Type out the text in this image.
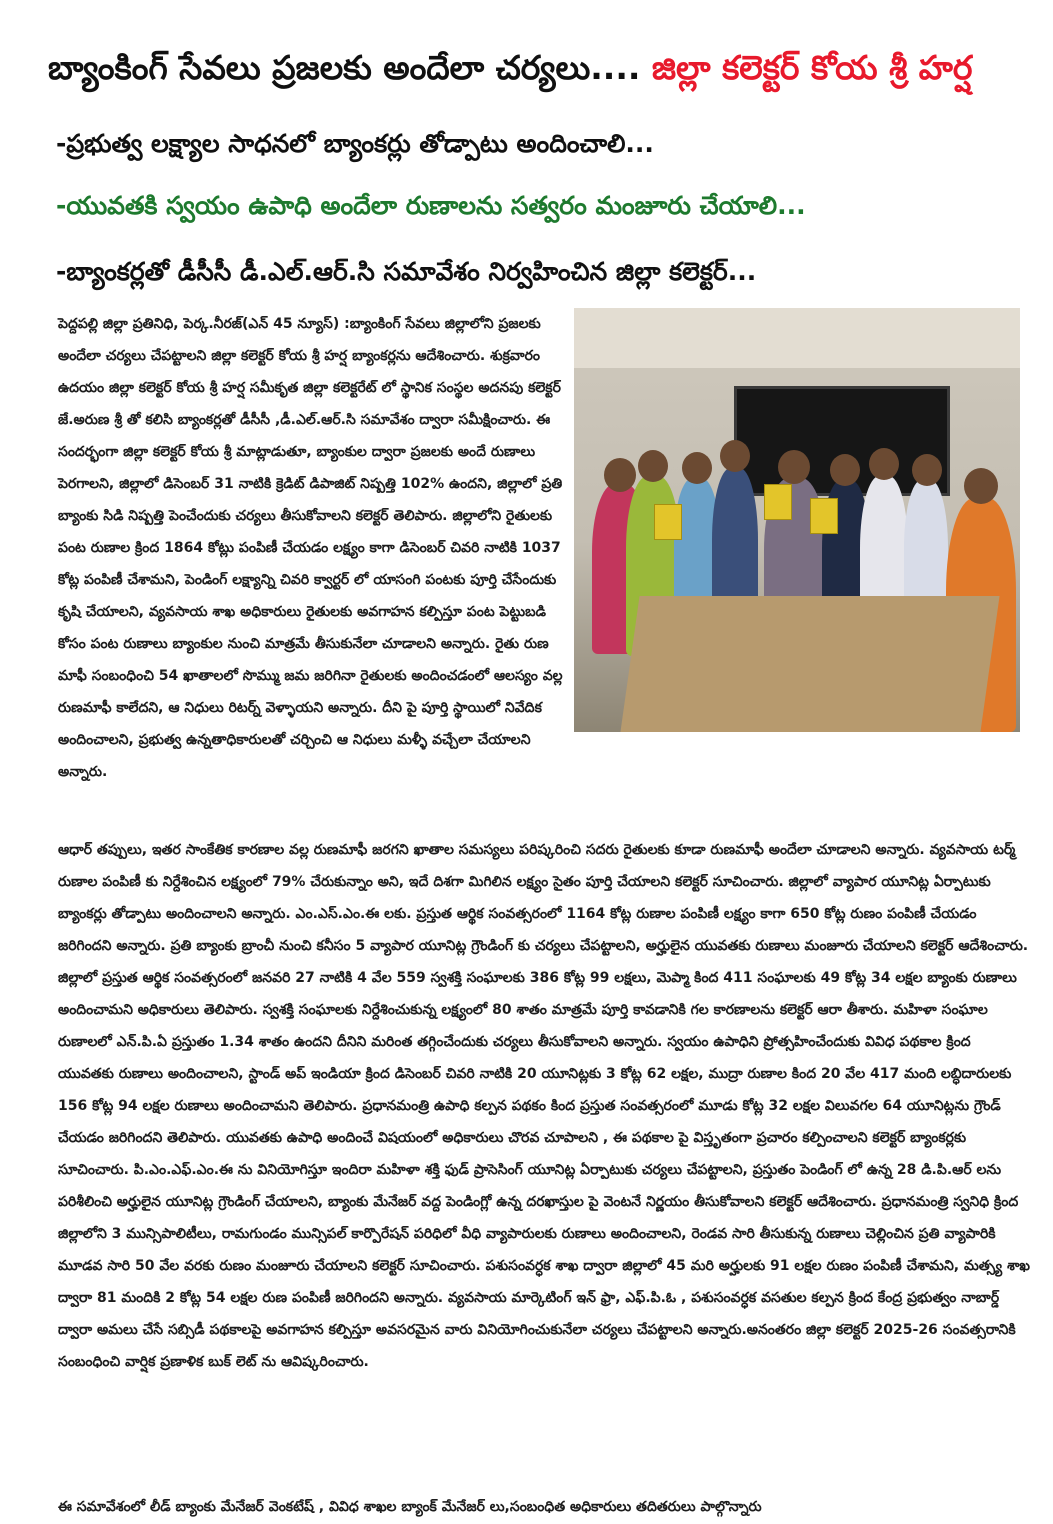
బ్యాంకింగ్ సేవలు ప్రజలకు అందేలా చర్యలు.... జిల్లా కలెక్టర్ కోయ శ్రీ హర్ష

-ప్రభుత్వ లక్ష్యాల సాధనలో బ్యాంకర్లు తోడ్పాటు అందించాలి...

-యువతకి స్వయం ఉపాధి అందేలా రుణాలను సత్వరం మంజూరు చేయాలి...

-బ్యాంకర్లతో డీసీసీ డీ.ఎల్.ఆర్.సి సమావేశం నిర్వహించిన జిల్లా కలెక్టర్...

పెద్దపల్లి జిల్లా ప్రతినిధి, పెర్క.నీరజ్(ఎన్ 45 న్యూస్) :బ్యాంకింగ్ సేవలు జిల్లాలోని ప్రజలకు అందేలా చర్యలు చేపట్టాలని జిల్లా కలెక్టర్ కోయ శ్రీ హర్ష బ్యాంకర్లను ఆదేశించారు. శుక్రవారం ఉదయం జిల్లా కలెక్టర్ కోయ శ్రీ హర్ష సమీకృత జిల్లా కలెక్టరేట్ లో స్థానిక సంస్థల అదనపు కలెక్టర్ జే.అరుణ శ్రీ తో కలిసి బ్యాంకర్లతో డీసీసీ ,డీ.ఎల్.ఆర్.సి సమావేశం ద్వారా సమీక్షించారు. ఈ సందర్భంగా జిల్లా కలెక్టర్ కోయ శ్రీ మాట్లాడుతూ, బ్యాంకుల ద్వారా ప్రజలకు అందే రుణాలు పెరగాలని, జిల్లాలో డిసెంబర్ 31 నాటికి క్రెడిట్ డిపాజిట్ నిష్పత్తి 102% ఉందని, జిల్లాలో ప్రతి బ్యాంకు సిడి నిష్పత్తి పెంచేందుకు చర్యలు తీసుకోవాలని కలెక్టర్ తెలిపారు. జిల్లాలోని రైతులకు పంట రుణాల క్రింద 1864 కోట్లు పంపిణీ చేయడం లక్ష్యం కాగా డిసెంబర్ చివరి నాటికి 1037 కోట్ల పంపిణీ చేశామని, పెండింగ్ లక్ష్యాన్ని చివరి క్వార్టర్ లో యాసంగి పంటకు పూర్తి చేసేందుకు కృషి చేయాలని, వ్యవసాయ శాఖ అధికారులు రైతులకు అవగాహన కల్పిస్తూ పంట పెట్టుబడి కోసం పంట రుణాలు బ్యాంకుల నుంచి మాత్రమే తీసుకునేలా చూడాలని అన్నారు. రైతు రుణ మాఫీ సంబంధించి 54 ఖాతాలలో సొమ్ము జమ జరిగినా రైతులకు అందించడంలో ఆలస్యం వల్ల రుణమాఫీ కాలేదని, ఆ నిధులు రిటర్న్ వెళ్ళాయని అన్నారు. దీని పై పూర్తి స్థాయిలో నివేదిక అందించాలని, ప్రభుత్వ ఉన్నతాధికారులతో చర్చించి ఆ నిధులు మళ్ళీ వచ్చేలా చేయాలని అన్నారు.
ఆధార్ తప్పులు, ఇతర సాంకేతిక కారణాల వల్ల రుణమాఫీ జరగని ఖాతాల సమస్యలు పరిష్కరించి సదరు రైతులకు కూడా రుణమాఫీ అందేలా చూడాలని అన్నారు. వ్యవసాయ టర్మ్ రుణాల పంపిణీ కు నిర్దేశించిన లక్ష్యంలో 79% చేరుకున్నాం అని, ఇదే దిశగా మిగిలిన లక్ష్యం సైతం పూర్తి చేయాలని కలెక్టర్ సూచించారు. జిల్లాలో వ్యాపార యూనిట్ల ఏర్పాటుకు బ్యాంకర్లు తోడ్పాటు అందించాలని అన్నారు. ఎం.ఎస్.ఎం.ఈ లకు. ప్రస్తుత ఆర్థిక సంవత్సరంలో 1164 కోట్ల రుణాల పంపిణీ లక్ష్యం కాగా 650 కోట్ల రుణం పంపిణీ చేయడం జరిగిందని అన్నారు. ప్రతి బ్యాంకు బ్రాంచీ నుంచి కనీసం 5 వ్యాపార యూనిట్ల గ్రౌండింగ్ కు చర్యలు చేపట్టాలని, అర్హులైన యువతకు రుణాలు మంజూరు చేయాలని కలెక్టర్ ఆదేశించారు. జిల్లాలో ప్రస్తుత ఆర్థిక సంవత్సరంలో జనవరి 27 నాటికి 4 వేల 559 స్వశక్తి సంఘాలకు 386 కోట్ల 99 లక్షలు, మెప్మా కింద 411 సంఘాలకు 49 కోట్ల 34 లక్షల బ్యాంకు రుణాలు అందించామని అధికారులు తెలిపారు. స్వశక్తి సంఘాలకు నిర్దేశించుకున్న లక్ష్యంలో 80 శాతం మాత్రమే పూర్తి కావడానికి గల కారణాలను కలెక్టర్ ఆరా తీశారు. మహిళా సంఘాల రుణాలలో ఎన్.పి.ఏ ప్రస్తుతం 1.34 శాతం ఉందని దీనిని మరింత తగ్గించేందుకు చర్యలు తీసుకోవాలని అన్నారు. స్వయం ఉపాధిని ప్రోత్సహించేందుకు వివిధ పథకాల క్రింద యువతకు రుణాలు అందించాలని, స్టాండ్ అప్ ఇండియా క్రింద డిసెంబర్ చివరి నాటికి 20 యూనిట్లకు 3 కోట్ల 62 లక్షల, ముద్రా రుణాల కింద 20 వేల 417 మంది లబ్ధిదారులకు 156 కోట్ల 94 లక్షల రుణాలు అందించామని తెలిపారు. ప్రధానమంత్రి ఉపాధి కల్పన పథకం కింద ప్రస్తుత సంవత్సరంలో మూడు కోట్ల 32 లక్షల విలువగల 64 యూనిట్లను గ్రౌండ్ చేయడం జరిగిందని తెలిపారు. యువతకు ఉపాధి అందించే విషయంలో అధికారులు చొరవ చూపాలని , ఈ పథకాల పై విస్తృతంగా ప్రచారం కల్పించాలని కలెక్టర్ బ్యాంకర్లకు సూచించారు. పి.ఎం.ఎఫ్.ఎం.ఈ ను వినియోగిస్తూ ఇందిరా మహిళా శక్తి ఫుడ్ ప్రాసెసింగ్ యూనిట్ల ఏర్పాటుకు చర్యలు చేపట్టాలని, ప్రస్తుతం పెండింగ్ లో ఉన్న 28 డి.పి.ఆర్ లను పరిశీలించి అర్హులైన యూనిట్ల గ్రౌండింగ్ చేయాలని, బ్యాంకు మేనేజర్ వద్ద పెండింగ్లో ఉన్న దరఖాస్తుల పై వెంటనే నిర్ణయం తీసుకోవాలని కలెక్టర్ ఆదేశించారు. ప్రధానమంత్రి స్వనిధి క్రింద జిల్లాలోని 3 మున్సిపాలిటీలు, రామగుండం మున్సిపల్ కార్పొరేషన్ పరిధిలో వీధి వ్యాపారులకు రుణాలు అందించాలని, రెండవ సారి తీసుకున్న రుణాలు చెల్లించిన ప్రతి వ్యాపారికి మూడవ సారి 50 వేల వరకు రుణం మంజూరు చేయాలని కలెక్టర్ సూచించారు. పశుసంవర్ధక శాఖ ద్వారా జిల్లాలో 45 మరి అర్హులకు 91 లక్షల రుణం పంపిణీ చేశామని, మత్స్య శాఖ ద్వారా 81 మందికి 2 కోట్ల 54 లక్షల రుణ పంపిణీ జరిగిందని అన్నారు. వ్యవసాయ మార్కెటింగ్ ఇన్ ఫ్రా, ఎఫ్.పి.ఓ , పశుసంవర్ధక వసతుల కల్పన క్రింద కేంద్ర ప్రభుత్వం నాబార్డ్ ద్వారా అమలు చేసే సబ్సిడీ పథకాలపై అవగాహన కల్పిస్తూ అవసరమైన వారు వినియోగించుకునేలా చర్యలు చేపట్టాలని అన్నారు.అనంతరం జిల్లా కలెక్టర్ 2025-26 సంవత్సరానికి సంబంధించి వార్షిక ప్రణాళిక బుక్ లెట్ ను ఆవిష్కరించారు.

ఈ సమావేశంలో లీడ్ బ్యాంకు మేనేజర్ వెంకటేష్ , వివిధ శాఖల బ్యాంక్ మేనేజర్ లు,సంబంధిత అధికారులు తదితరులు పాల్గొన్నారు
